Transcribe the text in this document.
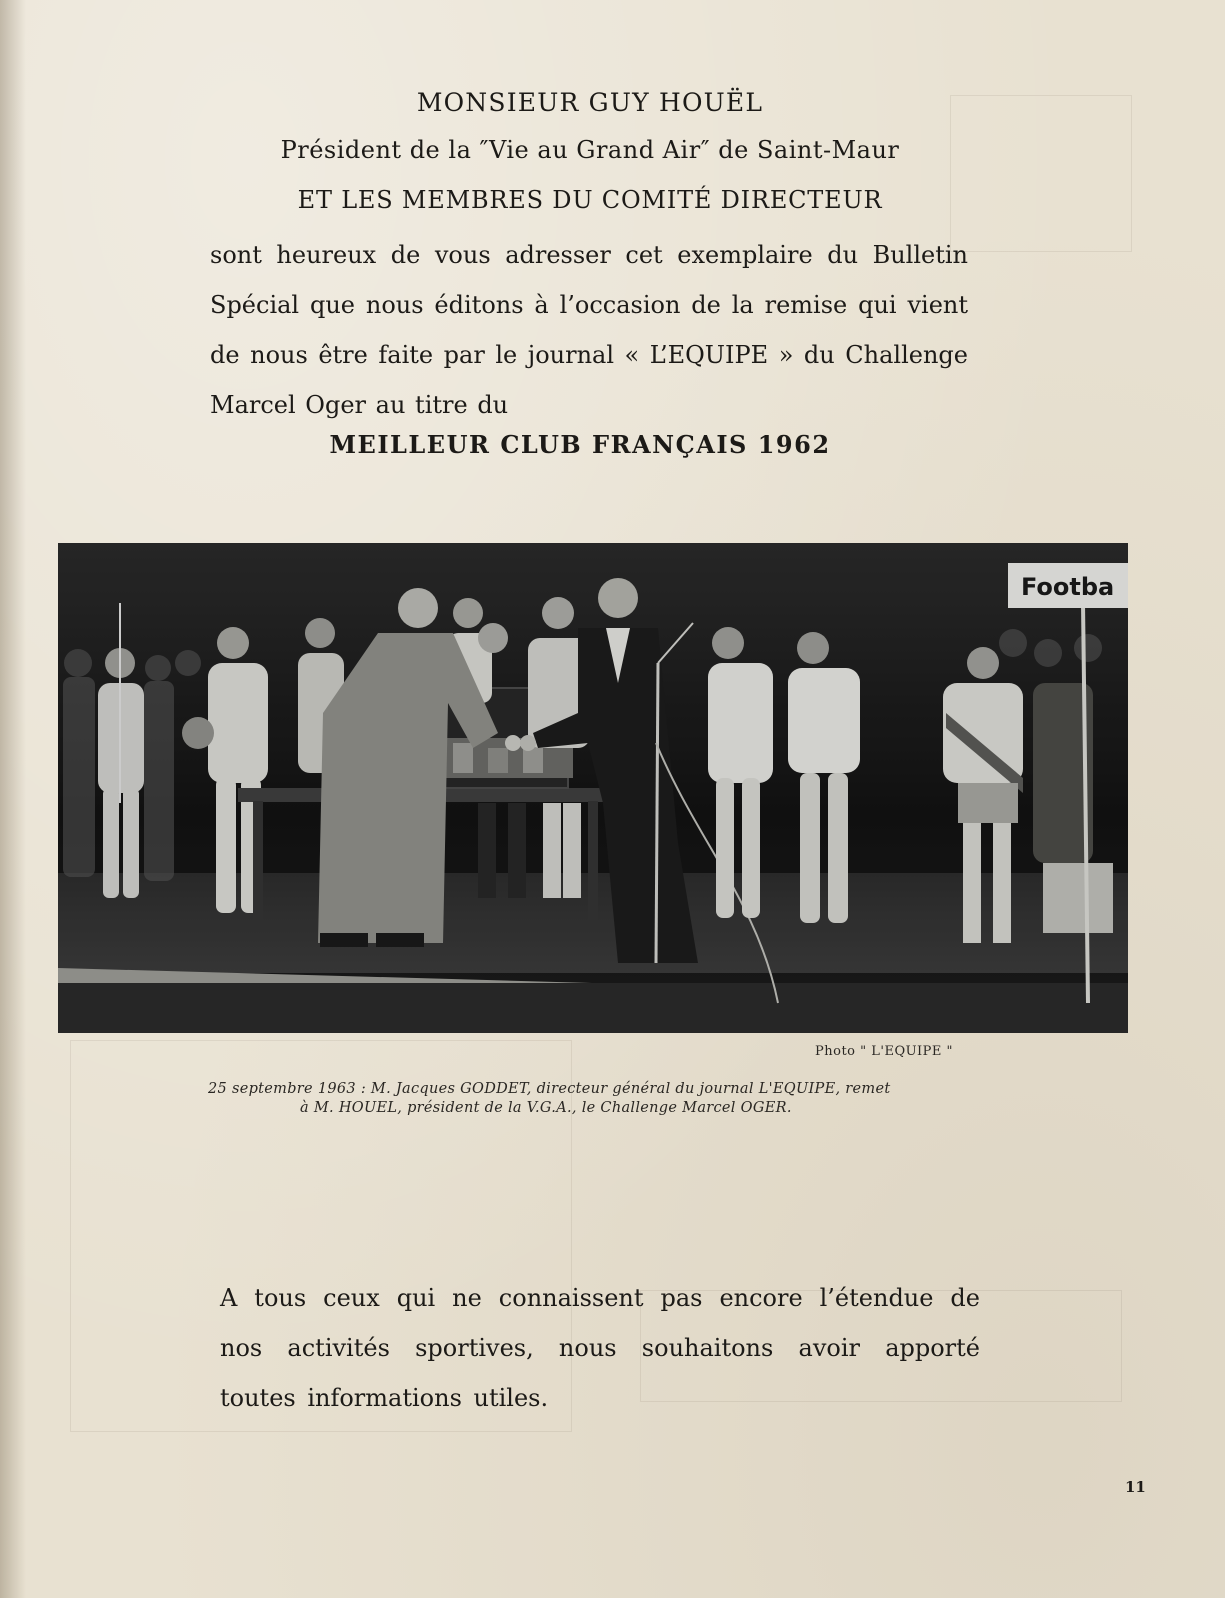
MONSIEUR GUY HOUËL
Président de la ″Vie au Grand Air″ de Saint-Maur
ET LES MEMBRES DU COMITÉ DIRECTEUR
sont heureux de vous adresser cet exemplaire du Bulletin Spécial que nous éditons à l’occasion de la remise qui vient de nous être faite par le journal « L’EQUIPE » du Challenge Marcel Oger au titre du
MEILLEUR CLUB FRANÇAIS 1962
Footba
Photo " L'EQUIPE "
25 septembre 1963 : M. Jacques GODDET, directeur général du journal L'EQUIPE, remet
à M. HOUEL, président de la V.G.A., le Challenge Marcel OGER.
A tous ceux qui ne connaissent pas encore l’étendue de nos activités sportives, nous souhaitons avoir apporté toutes informations utiles.
11
